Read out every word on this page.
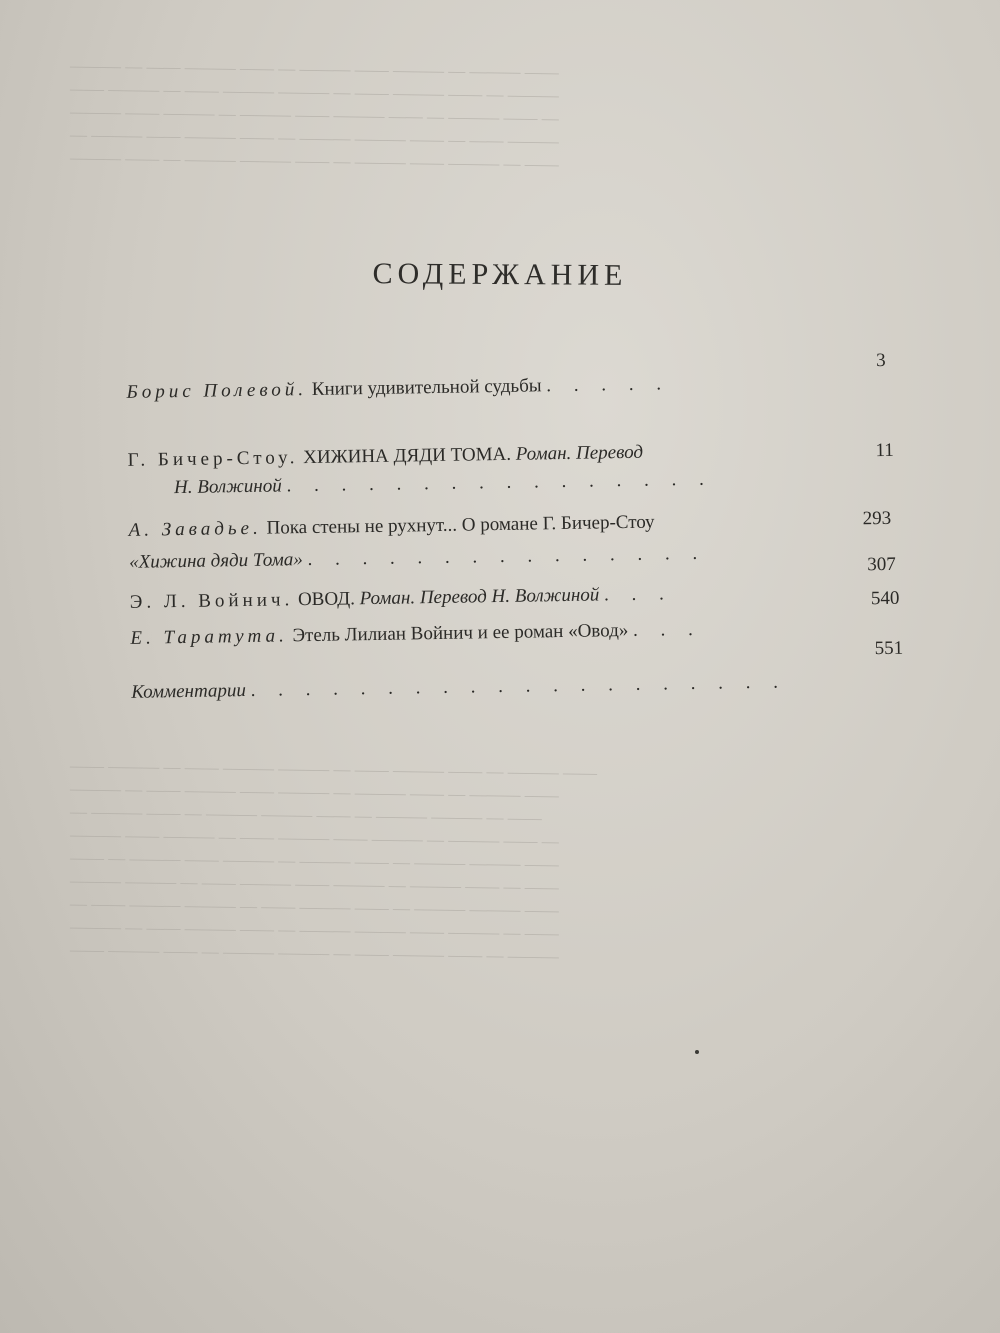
——— — —— ——— —— — ——— —— ——— — ——— ——
—— ——— — —— ——— ——— — —— ——— —— — ———
——— —— ——— — ——— —— ——— —— — ——— —— —
— ——— —— ——— —— — ——— ——— —— — —— ———
——— —— — ——— ——— —— — ——— —— ——— — ——
—— ——— — —— ——— ——— — —— ——— —— — ——— ——
——— — —— ——— —— ——— — ——— —— — ——— ——
— ——— —— — ——— ——— —— — ——— ——— — ——
——— —— ——— — —— ——— —— ——— — ——— —— —
—— — ——— —— ——— — ——— —— — ——— ——— ——
——— ——— — —— ——— —— ——— — ——— —— — ——
— —— ——— ——— — —— ——— —— — ——— ——— ——
——— — —— ——— —— — ——— ——— —— ——— — ——
—— ——— —— — ——— ——— — —— ——— —— — ———
СОДЕРЖАНИЕ
Борис Полевой. Книги удивительной судьбы . . . . .
3
Г. Бичер-Стоу. ХИЖИНА ДЯДИ ТОМА. Роман. Перевод
Н. Волжиной . . . . . . . . . . . . . . . .
11
А. Завадье. Пока стены не рухнут... О романе Г. Бичер-Стоу
«Хижина дяди Тома» . . . . . . . . . . . . . . .
293
Э. Л. Войнич. ОВОД. Роман. Перевод Н. Волжиной . . .
307
Е. Таратута. Этель Лилиан Войнич и ее роман «Овод» . . .
540
Комментарии . . . . . . . . . . . . . . . . . . . .
551
